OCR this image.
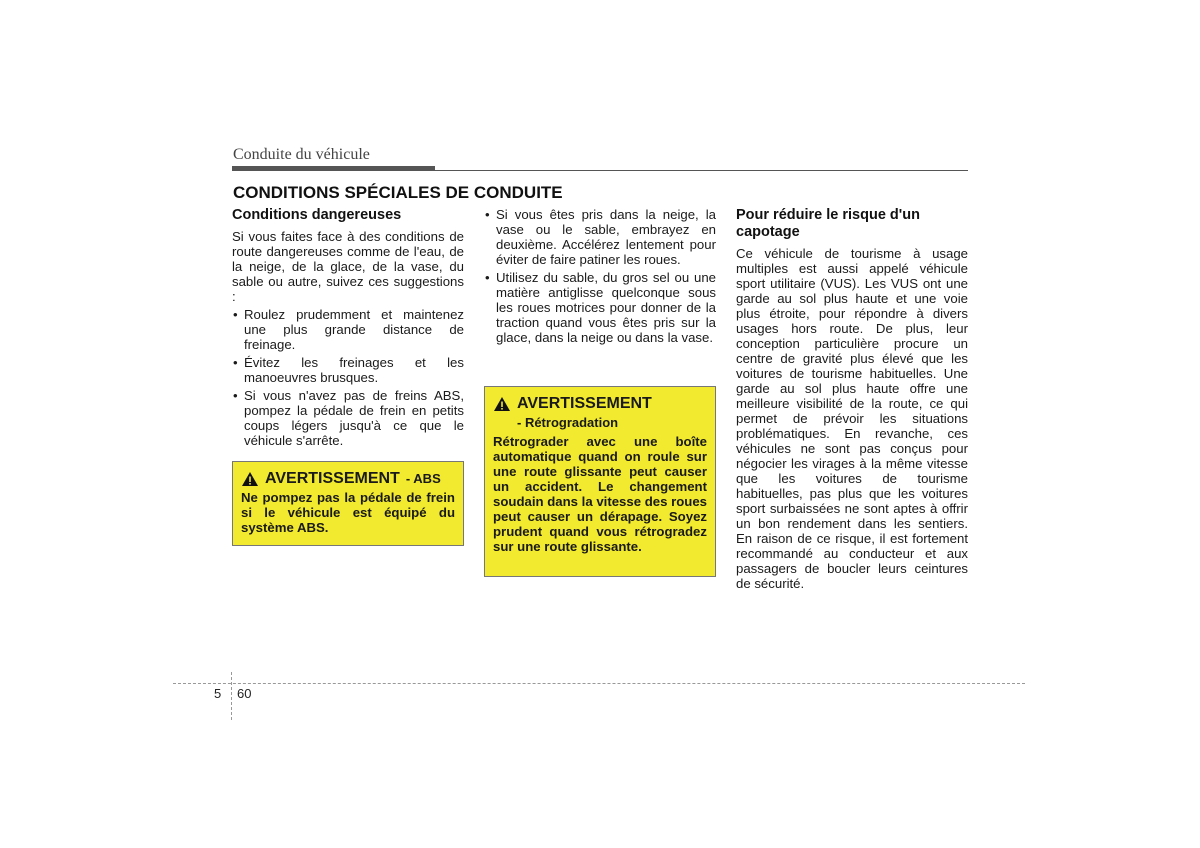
Conduite du véhicule
CONDITIONS SPÉCIALES DE CONDUITE
Conditions dangereuses

Si vous faites face à des conditions de route dangereuses comme de l'eau, de la neige, de la glace, de la vase, du sable ou autre, suivez ces suggestions :

• Roulez prudemment et maintenez une plus grande distance de freinage.
• Évitez les freinages et les manoeuvres brusques.
• Si vous n'avez pas de freins ABS, pompez la pédale de frein en petits coups légers jusqu'à ce que le véhicule s'arrête.
AVERTISSEMENT - ABS
Ne pompez pas la pédale de frein si le véhicule est équipé du système ABS.
• Si vous êtes pris dans la neige, la vase ou le sable, embrayez en deuxième. Accélérez lentement pour éviter de faire patiner les roues.
• Utilisez du sable, du gros sel ou une matière antiglisse quelconque sous les roues motrices pour donner de la traction quand vous êtes pris sur la glace, dans la neige ou dans la vase.
AVERTISSEMENT
- Rétrogradation
Rétrograder avec une boîte automatique quand on roule sur une route glissante peut causer un accident. Le changement soudain dans la vitesse des roues peut causer un dérapage. Soyez prudent quand vous rétrogradez sur une route glissante.
Pour réduire le risque d'un capotage

Ce véhicule de tourisme à usage multiples est aussi appelé véhicule sport utilitaire (VUS). Les VUS ont une garde au sol plus haute et une voie plus étroite, pour répondre à divers usages hors route. De plus, leur conception particulière procure un centre de gravité plus élevé que les voitures de tourisme habituelles. Une garde au sol plus haute offre une meilleure visibilité de la route, ce qui permet de prévoir les situations problématiques. En revanche, ces véhicules ne sont pas conçus pour négocier les virages à la même vitesse que les voitures de tourisme habituelles, pas plus que les voitures sport surbaissées ne sont aptes à offrir un bon rendement dans les sentiers. En raison de ce risque, il est fortement recommandé au conducteur et aux passagers de boucler leurs ceintures de sécurité.

5 60
